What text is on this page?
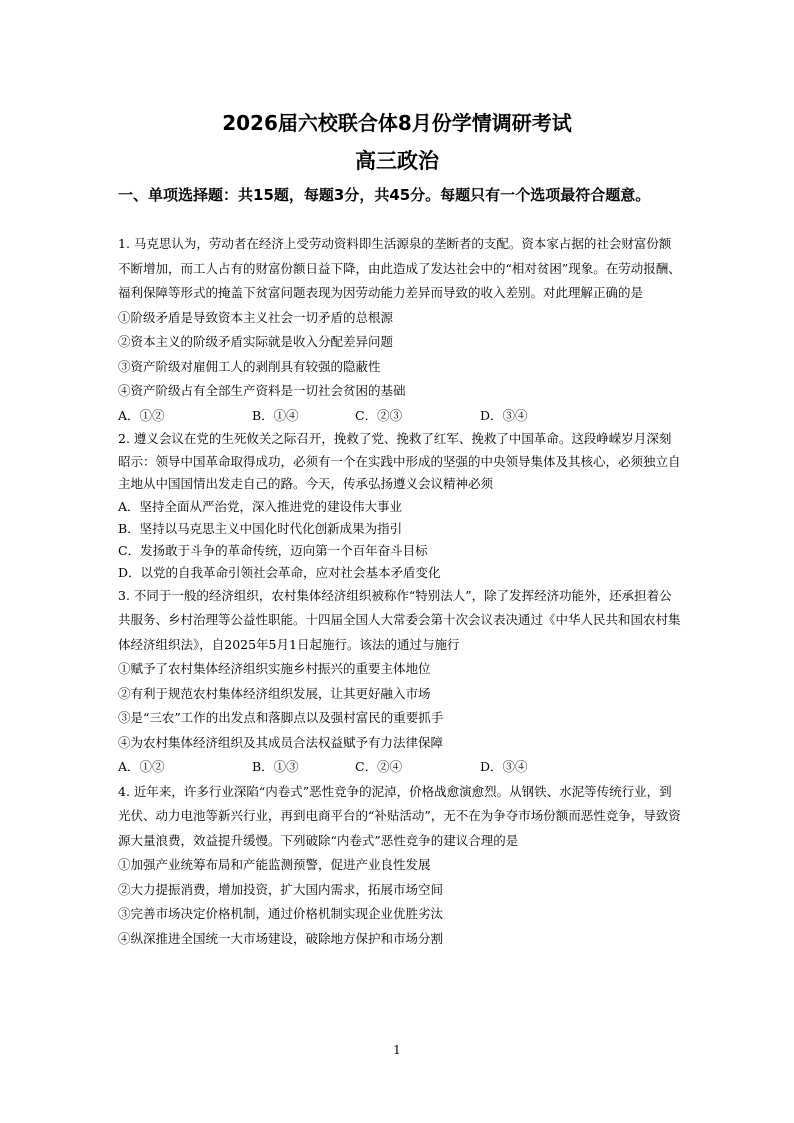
2026届六校联合体8月份学情调研考试
高三政治
一、单项选择题：共15题，每题3分，共45分。每题只有一个选项最符合题意。

1. 马克思认为，劳动者在经济上受劳动资料即生活源泉的垄断者的支配。资本家占据的社会财富份额不断增加，而工人占有的财富份额日益下降，由此造成了发达社会中的“相对贫困”现象。在劳动报酬、福利保障等形式的掩盖下贫富问题表现为因劳动能力差异而导致的收入差别。对此理解正确的是

①阶级矛盾是导致资本主义社会一切矛盾的总根源

②资本主义的阶级矛盾实际就是收入分配差异问题

③资产阶级对雇佣工人的剥削具有较强的隐蔽性

④资产阶级占有全部生产资料是一切社会贫困的基础

A．①②	B．①④	C．②③	D．③④

2. 遵义会议在党的生死攸关之际召开，挽救了党、挽救了红军、挽救了中国革命。这段峥嵘岁月深刻昭示：领导中国革命取得成功，必须有一个在实践中形成的坚强的中央领导集体及其核心，必须独立自主地从中国国情出发走自己的路。今天，传承弘扬遵义会议精神必须

A．坚持全面从严治党，深入推进党的建设伟大事业

B．坚持以马克思主义中国化时代化创新成果为指引

C．发扬敢于斗争的革命传统，迈向第一个百年奋斗目标

D．以党的自我革命引领社会革命，应对社会基本矛盾变化

3. 不同于一般的经济组织，农村集体经济组织被称作“特别法人”，除了发挥经济功能外，还承担着公共服务、乡村治理等公益性职能。十四届全国人大常委会第十次会议表决通过《中华人民共和国农村集体经济组织法》，自2025年5月1日起施行。该法的通过与施行

①赋予了农村集体经济组织实施乡村振兴的重要主体地位

②有利于规范农村集体经济组织发展，让其更好融入市场

③是“三农”工作的出发点和落脚点以及强村富民的重要抓手

④为农村集体经济组织及其成员合法权益赋予有力法律保障

A．①②	B．①③	C．②④	D．③④

4. 近年来，许多行业深陷“内卷式”恶性竞争的泥淖，价格战愈演愈烈。从钢铁、水泥等传统行业，到光伏、动力电池等新兴行业，再到电商平台的“补贴活动”，无不在为争夺市场份额而恶性竞争，导致资源大量浪费，效益提升缓慢。下列破除“内卷式”恶性竞争的建议合理的是

①加强产业统筹布局和产能监测预警，促进产业良性发展

②大力提振消费，增加投资，扩大国内需求，拓展市场空间

③完善市场决定价格机制，通过价格机制实现企业优胜劣汰

④纵深推进全国统一大市场建设，破除地方保护和市场分割

1
